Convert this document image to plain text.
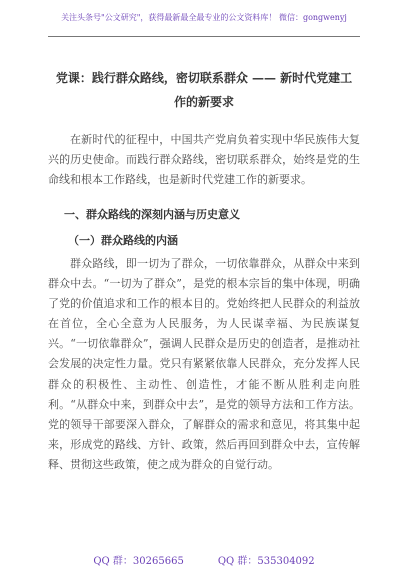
关注头条号"公文研究"，获得最新最全最专业的公文资料库！ 微信：gongwenyj
党课：践行群众路线，密切联系群众 —— 新时代党建工
作的新要求
在新时代的征程中，中国共产党肩负着实现中华民族伟大复兴的历史使命。而践行群众路线，密切联系群众，始终是党的生命线和根本工作路线，也是新时代党建工作的新要求。
一、群众路线的深刻内涵与历史意义
（一）群众路线的内涵
群众路线，即一切为了群众，一切依靠群众，从群众中来到群众中去。“一切为了群众”，是党的根本宗旨的集中体现，明确了党的价值追求和工作的根本目的。党始终把人民群众的利益放在首位，全心全意为人民服务，为人民谋幸福、为民族谋复兴。“一切依靠群众”，强调人民群众是历史的创造者，是推动社会发展的决定性力量。党只有紧紧依靠人民群众，充分发挥人民群众的积极性、主动性、创造性，才能不断从胜利走向胜利。“从群众中来，到群众中去”，是党的领导方法和工作方法。党的领导干部要深入群众，了解群众的需求和意见，将其集中起来，形成党的路线、方针、政策，然后再回到群众中去，宣传解释、贯彻这些政策，使之成为群众的自觉行动。
QQ 群：30265665	QQ 群：535304092
